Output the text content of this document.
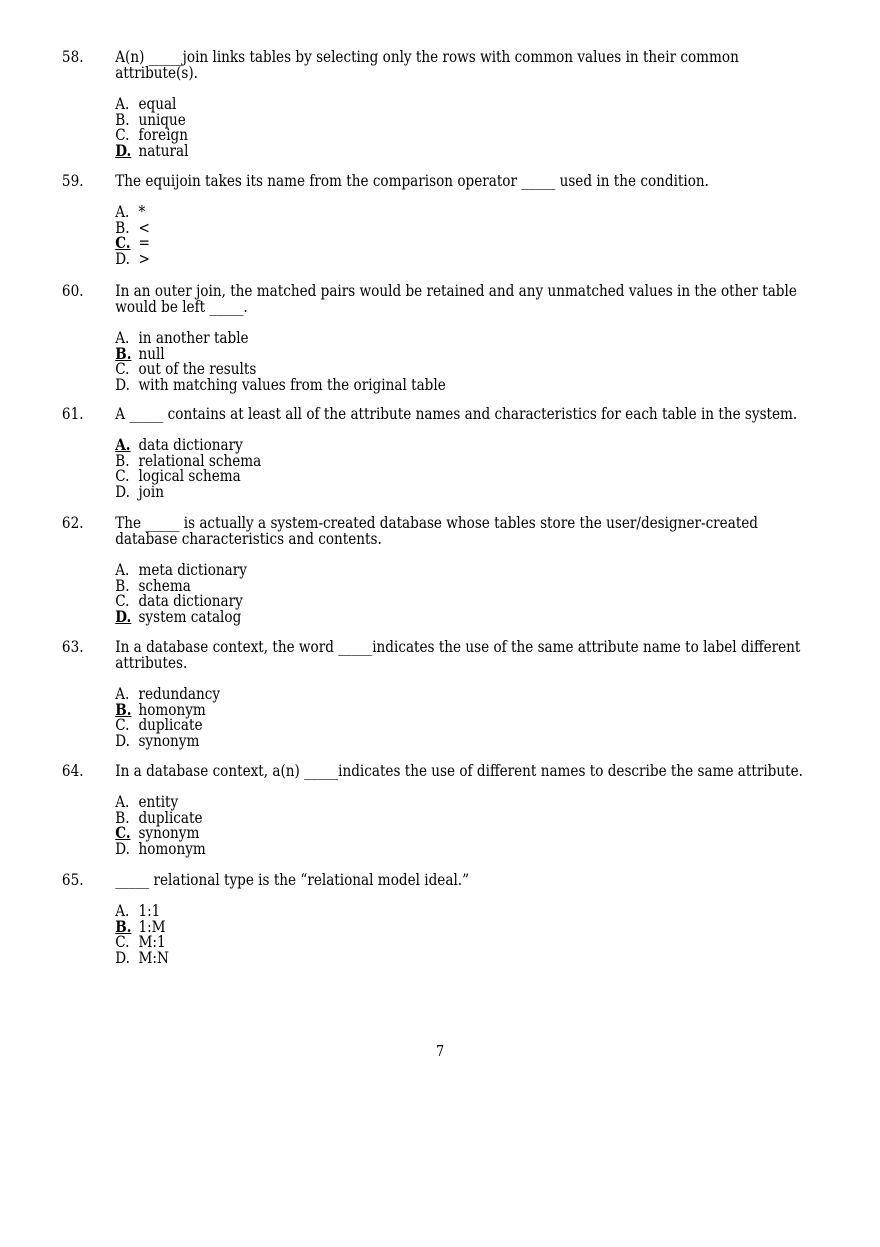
58. A(n) _____join links tables by selecting only the rows with common values in their common attribute(s).
A. equal
B. unique
C. foreign
D. natural
59. The equijoin takes its name from the comparison operator _____ used in the condition.
A. *
B. <
C. =
D. >
60. In an outer join, the matched pairs would be retained and any unmatched values in the other table would be left _____.
A. in another table
B. null
C. out of the results
D. with matching values from the original table
61. A _____ contains at least all of the attribute names and characteristics for each table in the system.
A. data dictionary
B. relational schema
C. logical schema
D. join
62. The _____ is actually a system-created database whose tables store the user/designer-created database characteristics and contents.
A. meta dictionary
B. schema
C. data dictionary
D. system catalog
63. In a database context, the word _____indicates the use of the same attribute name to label different attributes.
A. redundancy
B. homonym
C. duplicate
D. synonym
64. In a database context, a(n) _____indicates the use of different names to describe the same attribute.
A. entity
B. duplicate
C. synonym
D. homonym
65. _____ relational type is the “relational model ideal.”
A. 1:1
B. 1:M
C. M:1
D. M:N
7
